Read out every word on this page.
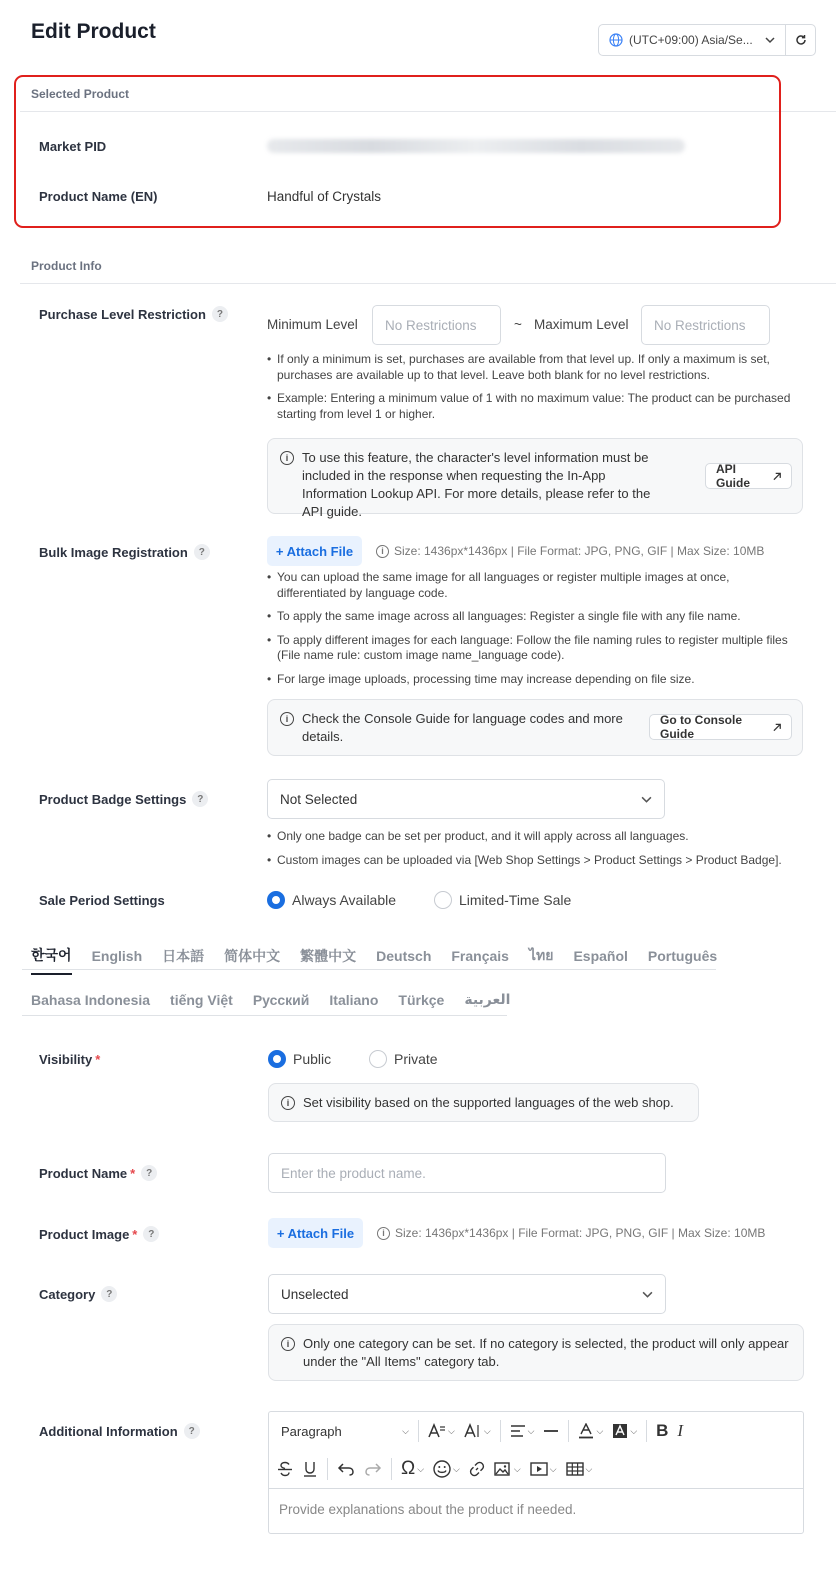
Edit Product	(UTC+09:00) Asia/Se...
Selected Product
Market PID
Product Name (EN)	Handful of Crystals
Product Info
Purchase Level Restriction	?
Minimum Level	No Restrictions	~ Maximum Level	No Restrictions
• If only a minimum is set, purchases are available from that level up. If only a maximum is set, purchases are available up to that level. Leave both blank for no level restrictions.
• Example: Entering a minimum value of 1 with no maximum value: The product can be purchased starting from level 1 or higher.
i	To use this feature, the character's level information must be included in the response when requesting the In-App Information Lookup API. For more details, please refer to the API guide.
API Guide
Bulk Image Registration	?	+ Attach File	i Size: 1436px*1436px | File Format: JPG, PNG, GIF | Max Size: 10MB
• You can upload the same image for all languages or register multiple images at once, differentiated by language code.
• To apply the same image across all languages: Register a single file with any file name.
• To apply different images for each language: Follow the file naming rules to register multiple files (File name rule: custom image name_language code).
• For large image uploads, processing time may increase depending on file size.
i	Check the Console Guide for language codes and more details.
Go to Console Guide
Product Badge Settings	?	Not Selected
• Only one badge can be set per product, and it will apply across all languages.
• Custom images can be uploaded via [Web Shop Settings > Product Settings > Product Badge].
Sale Period Settings	Always Available	Limited-Time Sale
한국어 English 日本語 简体中文 繁體中文 Deutsch Français ไทย Español Português
Bahasa Indonesia tiếng Việt Русский Italiano Türkçe العربية
Visibility *	Public	Private
i	Set visibility based on the supported languages of the web shop.
Product Name *	?	Enter the product name.
Product Image *	?	+ Attach File	i Size: 1436px*1436px | File Format: JPG, PNG, GIF | Max Size: 10MB
Category	?	Unselected
i	Only one category can be set. If no category is selected, the product will only appear under the "All Items" category tab.
Additional Information	?	Paragraph	⌵	⌵	⌵	⌵	⌵	⌵ B I
Ω ⌵	⌵	⌵	⌵	⌵
Provide explanations about the product if needed.
